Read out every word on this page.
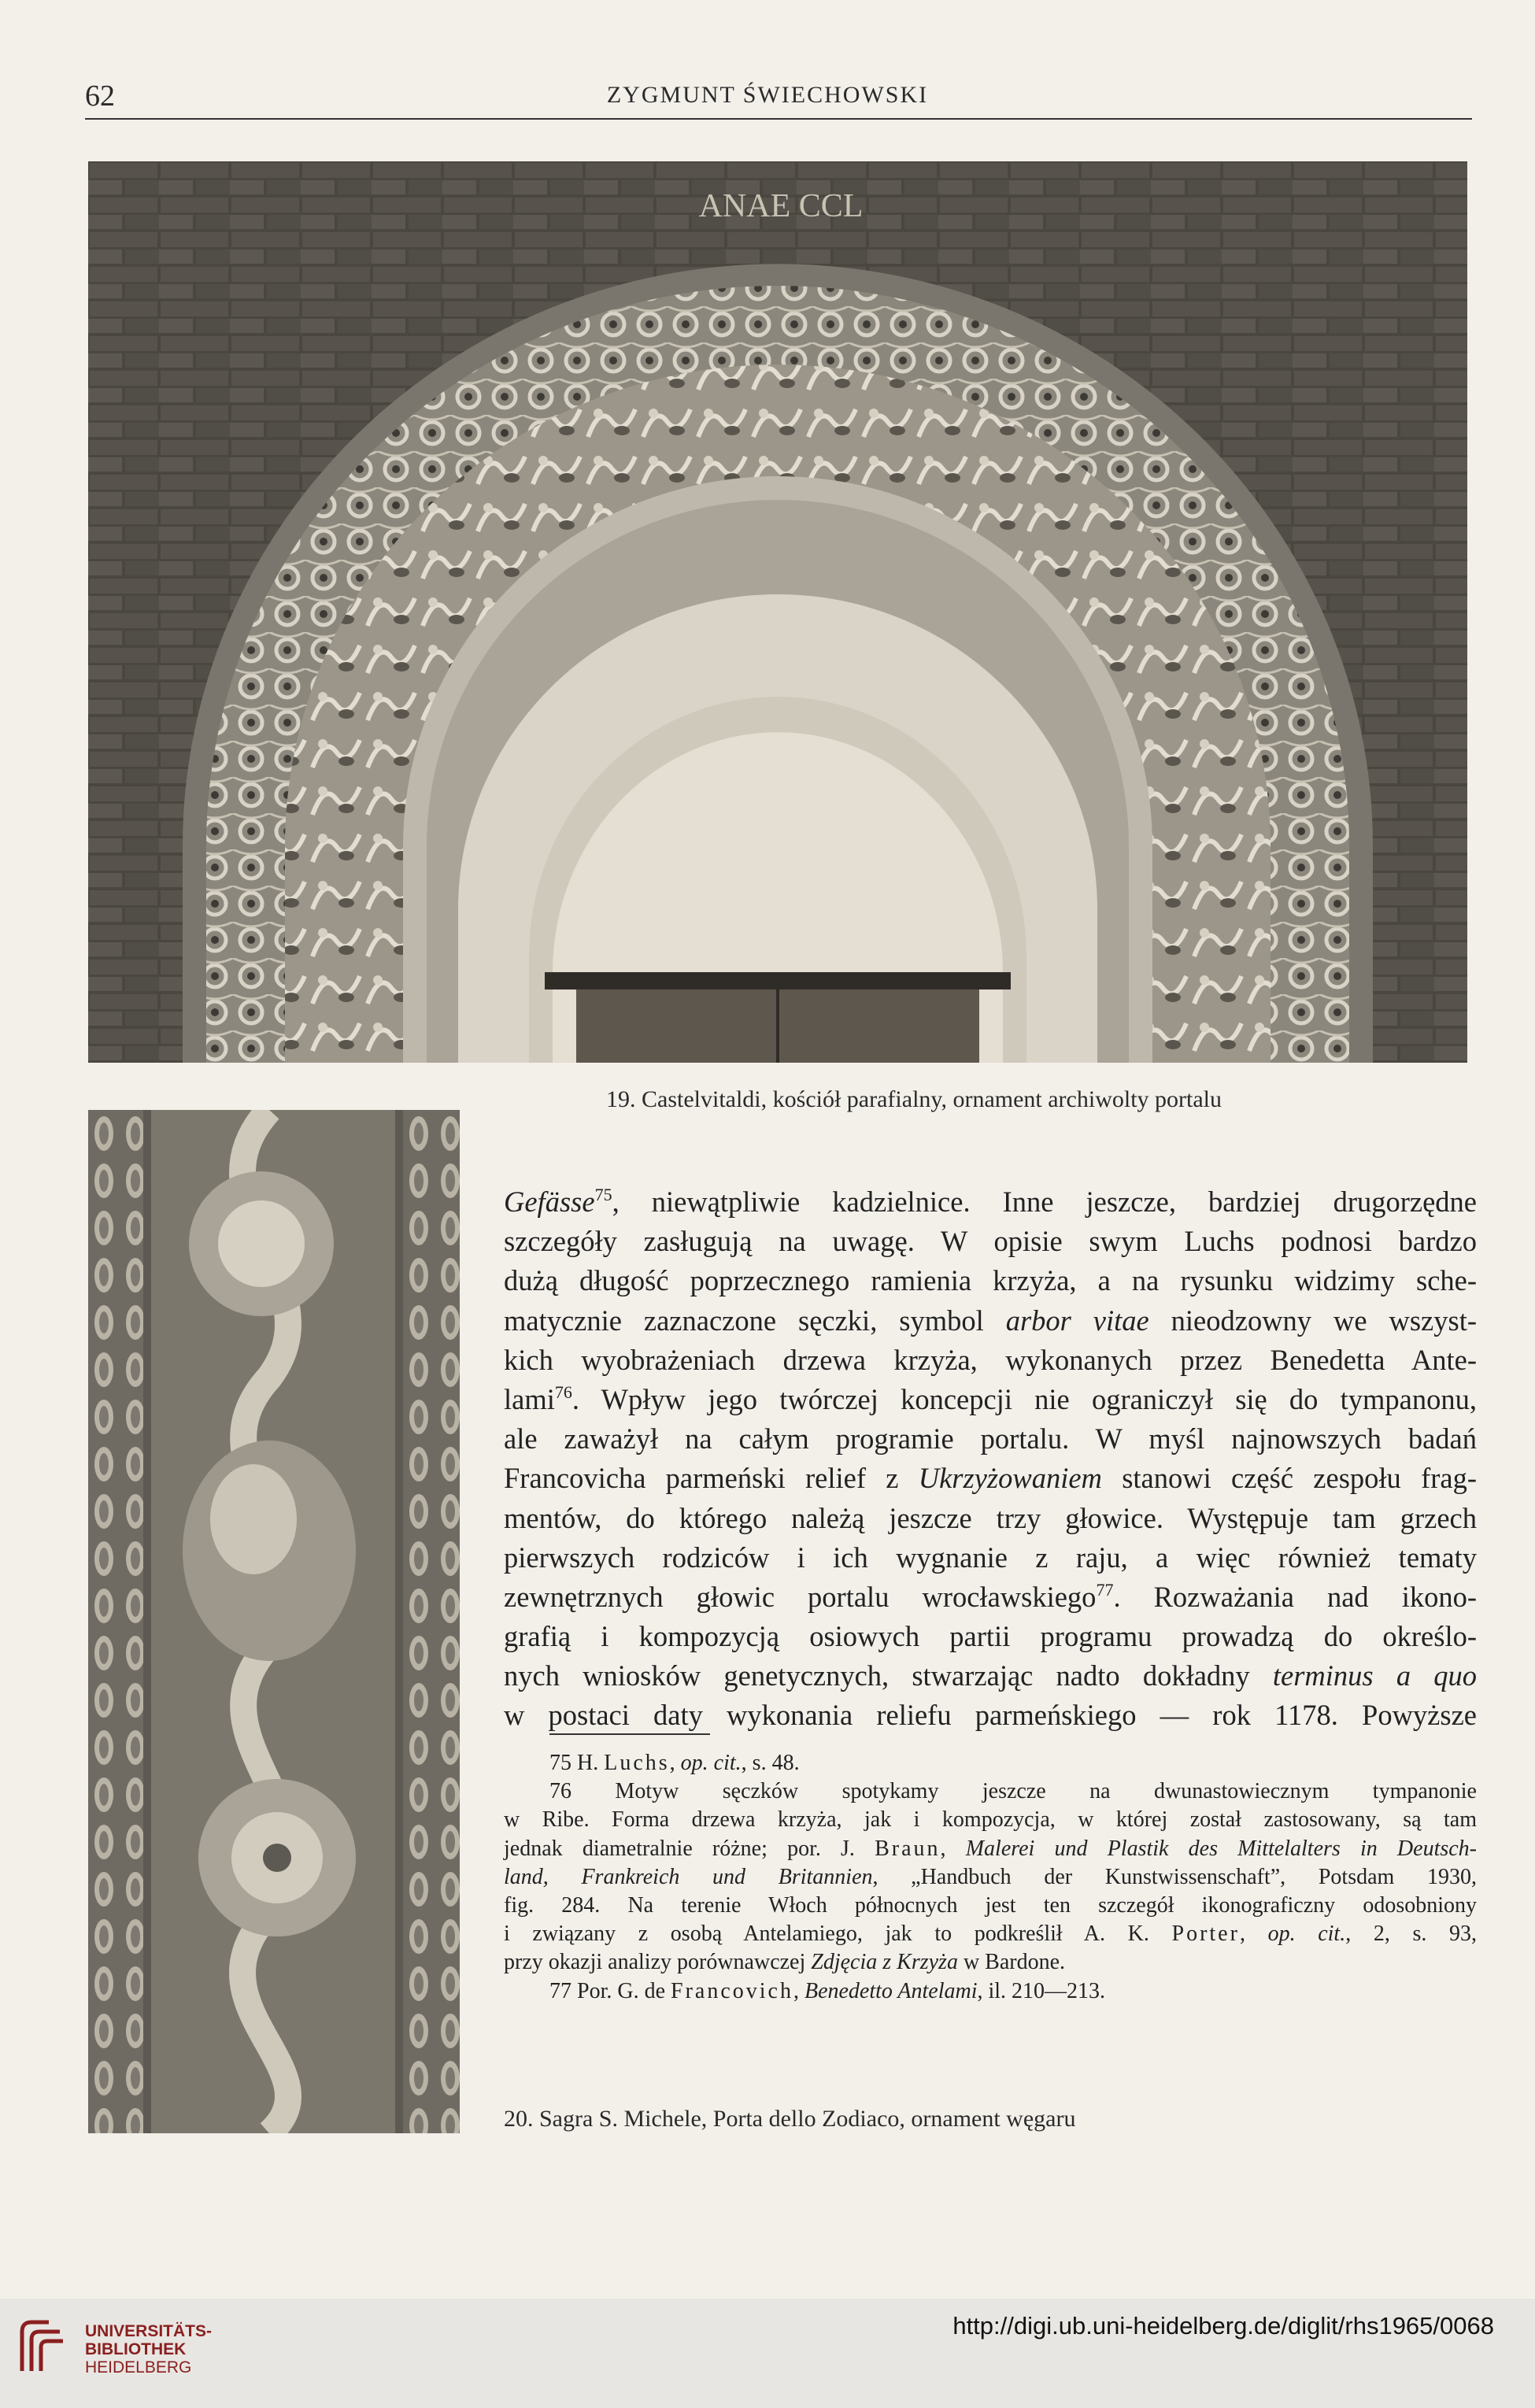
62	ZYGMUNT ŚWIECHOWSKI
ANAE CCL
19. Castelvitaldi, kościół parafialny, ornament archiwolty portalu
20. Sagra S. Michele, Porta dello Zodiaco, ornament węgaru
Gefässe$^{75}$, niewątpliwie kadzielnice. Inne jeszcze, bardziej drugorzędne
szczegóły zasługują na uwagę. W opisie swym Luchs podnosi bardzo
dużą długość poprzecznego ramienia krzyża, a na rysunku widzimy sche-
matycznie zaznaczone sęczki, symbol arbor vitae nieodzowny we wszyst-
kich wyobrażeniach drzewa krzyża, wykonanych przez Benedetta Ante-
lami$^{76}$. Wpływ jego twórczej koncepcji nie ograniczył się do tympanonu,
ale zaważył na całym programie portalu. W myśl najnowszych badań
Francovicha parmeński relief z Ukrzyżowaniem stanowi część zespołu frag-
mentów, do którego należą jeszcze trzy głowice. Występuje tam grzech
pierwszych rodziców i ich wygnanie z raju, a więc również tematy
zewnętrznych głowic portalu wrocławskiego$^{77}$. Rozważania nad ikono-
grafią i kompozycją osiowych partii programu prowadzą do określo-
nych wniosków genetycznych, stwarzając nadto dokładny terminus a quo
w postaci daty wykonania reliefu parmeńskiego — rok 1178. Powyższe
75 H. Luchs, op. cit., s. 48.
76 Motyw sęczków spotykamy jeszcze na dwunastowiecznym tympanonie
w Ribe. Forma drzewa krzyża, jak i kompozycja, w której został zastosowany, są tam
jednak diametralnie różne; por. J. Braun, Malerei und Plastik des Mittelalters in Deutsch-
land, Frankreich und Britannien, „Handbuch der Kunstwissenschaft”, Potsdam 1930,
fig. 284. Na terenie Włoch północnych jest ten szczegół ikonograficzny odosobniony
i związany z osobą Antelamiego, jak to podkreślił A. K. Porter, op. cit., 2, s. 93,
przy okazji analizy porównawczej Zdjęcia z Krzyża w Bardone.
77 Por. G. de Francovich, Benedetto Antelami, il. 210—213.
UNIVERSITÄTS-
BIBLIOTHEK
HEIDELBERG
http://digi.ub.uni-heidelberg.de/diglit/rhs1965/0068
